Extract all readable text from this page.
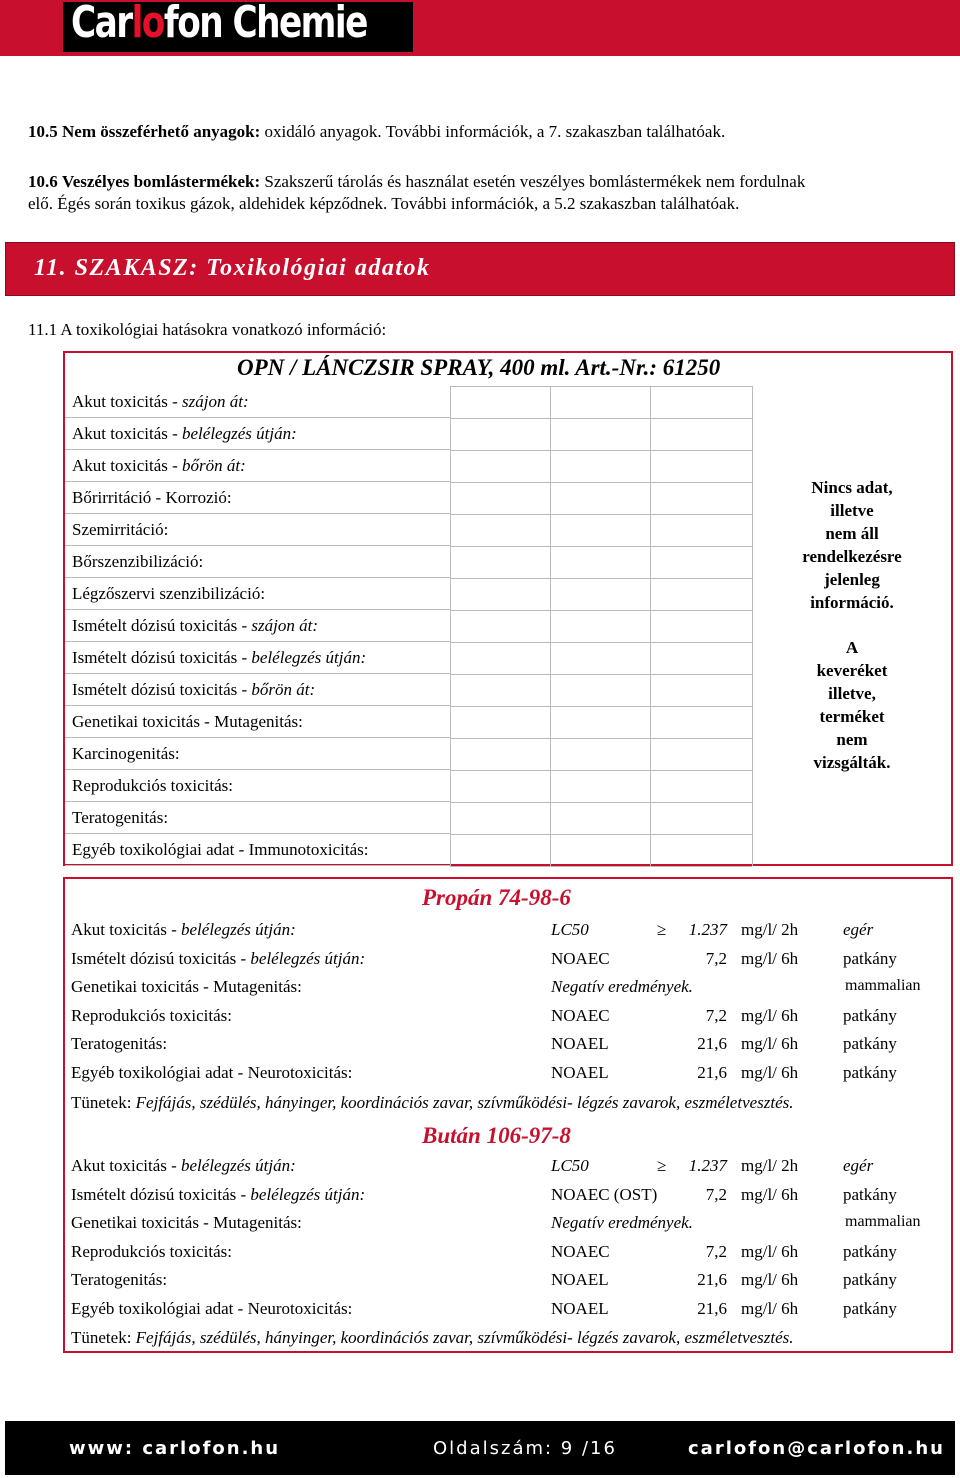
Carlofon Chemie
10.5 Nem összeférhető anyagok: oxidáló anyagok. További információk, a 7. szakaszban találhatóak.
10.6 Veszélyes bomlástermékek: Szakszerű tárolás és használat esetén veszélyes bomlástermékek nem fordulnak
elő. Égés során toxikus gázok, aldehidek képződnek. További információk, a 5.2 szakaszban találhatóak.
11. SZAKASZ: Toxikológiai adatok
11.1 A toxikológiai hatásokra vonatkozó információ:
OPN / LÁNCZSIR SPRAY, 400 ml. Art.-Nr.: 61250
Akut toxicitás - szájon át:
Akut toxicitás - belélegzés útján:
Akut toxicitás - bőrön át:
Bőrirritáció - Korrozió:
Szemirritáció:
Bőrszenzibilizáció:
Légzőszervi szenzibilizáció:
Ismételt dózisú toxicitás - szájon át:
Ismételt dózisú toxicitás - belélegzés útján:
Ismételt dózisú toxicitás - bőrön át:
Genetikai toxicitás - Mutagenitás:
Karcinogenitás:
Reprodukciós toxicitás:
Teratogenitás:
Egyéb toxikológiai adat - Immunotoxicitás:
Nincs adat,
illetve
nem áll
rendelkezésre
jelenleg
információ.
A
keveréket
illetve,
terméket
nem
vizsgálták.
Propán 74-98-6
Akut toxicitás - belélegzés útján:	LC50	≥ 1.237 mg/l/ 2h	egér
Ismételt dózisú toxicitás - belélegzés útján:	NOAEC	7,2 mg/l/ 6h	patkány
Genetikai toxicitás - Mutagenitás:	Negatív eredmények.	mammalian
Reprodukciós toxicitás:	NOAEC	7,2 mg/l/ 6h	patkány
Teratogenitás:	NOAEL	21,6 mg/l/ 6h	patkány
Egyéb toxikológiai adat - Neurotoxicitás:	NOAEL	21,6 mg/l/ 6h	patkány
Tünetek: Fejfájás, szédülés, hányinger, koordinációs zavar, szívműködési- légzés zavarok, eszméletvesztés.
Bután 106-97-8
Akut toxicitás - belélegzés útján:	LC50	≥ 1.237 mg/l/ 2h	egér
Ismételt dózisú toxicitás - belélegzés útján:	NOAEC (OST)	7,2 mg/l/ 6h	patkány
Genetikai toxicitás - Mutagenitás:	Negatív eredmények.	mammalian
Reprodukciós toxicitás:	NOAEC	7,2 mg/l/ 6h	patkány
Teratogenitás:	NOAEL	21,6 mg/l/ 6h	patkány
Egyéb toxikológiai adat - Neurotoxicitás:	NOAEL	21,6 mg/l/ 6h	patkány
Tünetek: Fejfájás, szédülés, hányinger, koordinációs zavar, szívműködési- légzés zavarok, eszméletvesztés.
www: carlofon.hu	Oldalszám: 9 /16	carlofon@carlofon.hu
